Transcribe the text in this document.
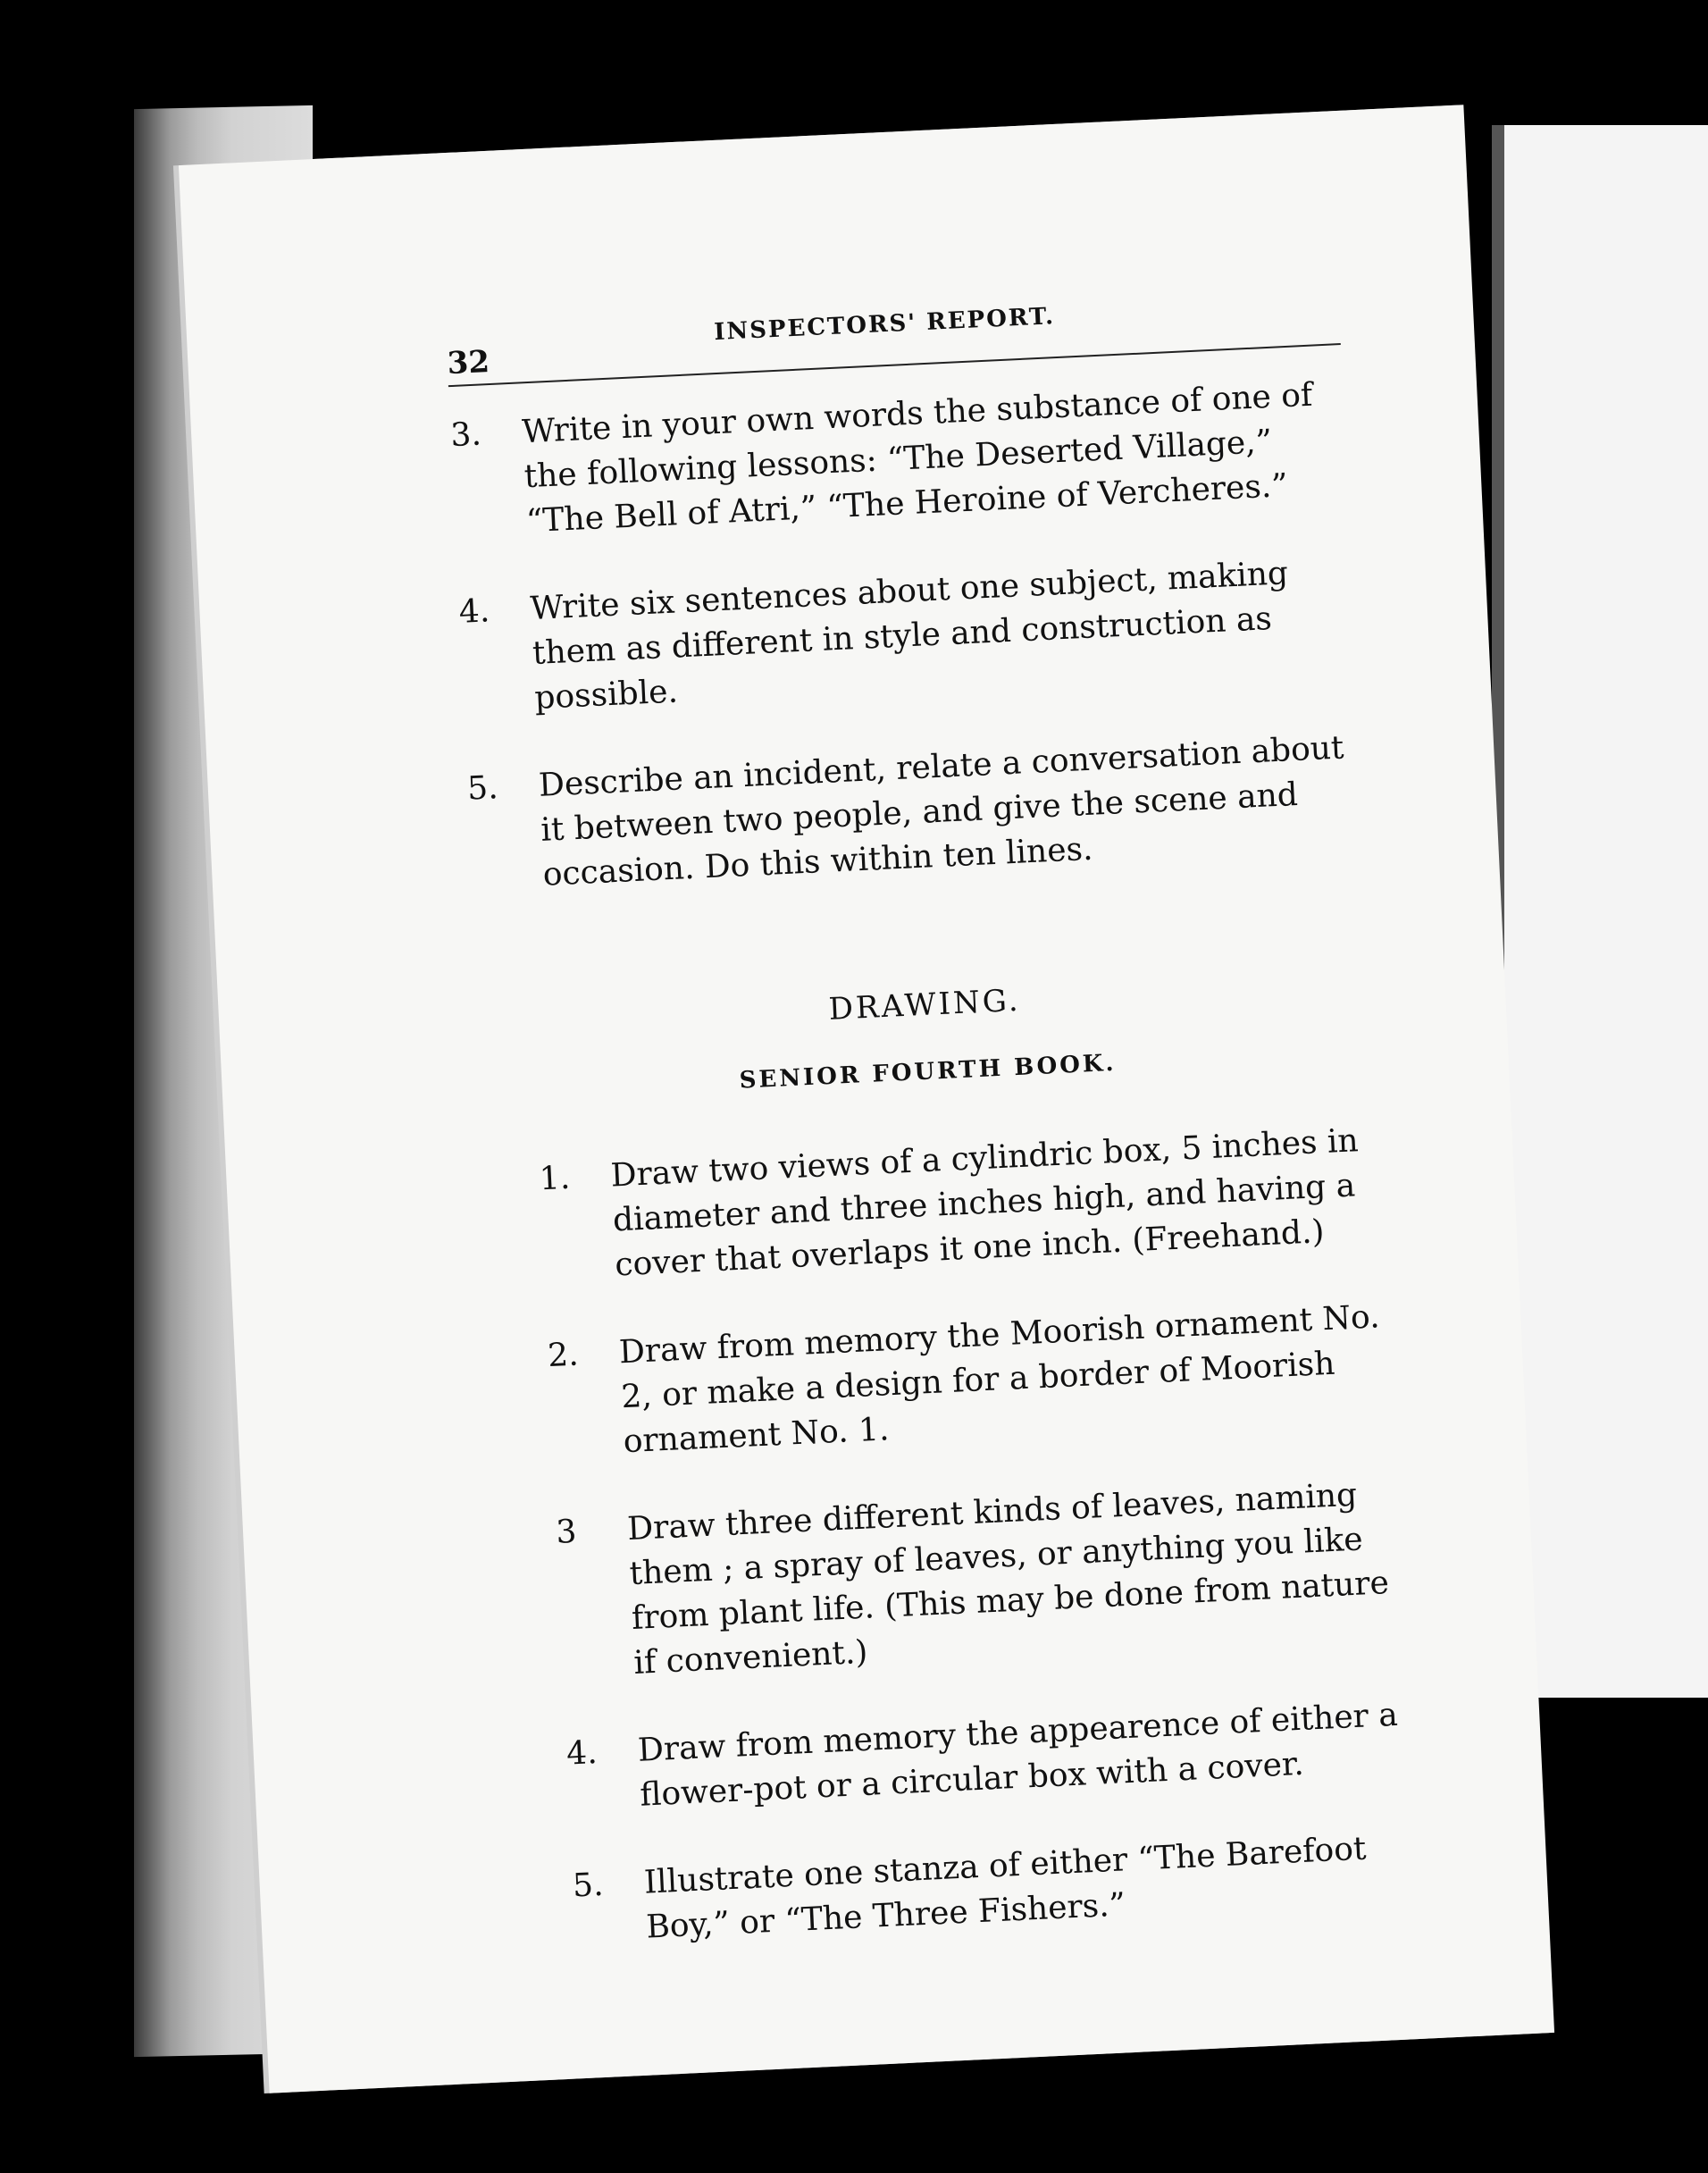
32
INSPECTORS' REPORT.
3.	Write in your own words the substance of one of the following lessons: “The Deserted Village,” “The Bell of Atri,” “The Heroine of Vercheres.”
4.	Write six sentences about one subject, making them as different in style and construction as possible.
5.	Describe an incident, relate a conversation about it between two people, and give the scene and occasion. Do this within ten lines.
DRAWING.
SENIOR FOURTH BOOK.
1.	Draw two views of a cylindric box, 5 inches in diameter and three inches high, and having a cover that overlaps it one inch. (Freehand.)
2.	Draw from memory the Moorish ornament No. 2, or make a design for a border of Moorish ornament No. 1.
3	Draw three different kinds of leaves, naming them ; a spray of leaves, or anything you like from plant life. (This may be done from nature if convenient.)
4.	Draw from memory the appearence of either a flower-pot or a circular box with a cover.
5.	Illustrate one stanza of either “The Barefoot Boy,” or “The Three Fishers.”
